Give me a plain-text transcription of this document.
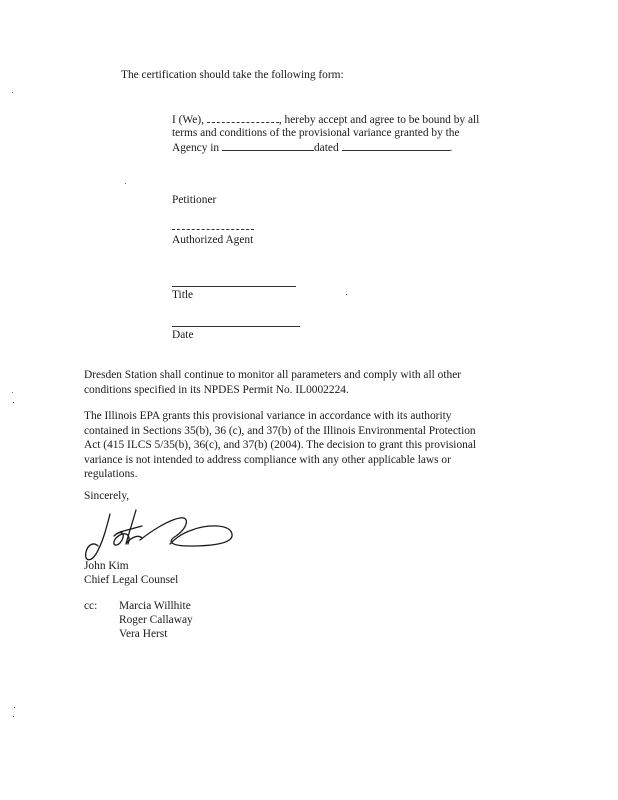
The certification should take the following form:
I (We),	, hereby accept and agree to be bound by all
terms and conditions of the provisional variance granted by the
Agency in	dated	.
Petitioner
Authorized Agent
Title
Date
Dresden Station shall continue to monitor all parameters and comply with all other
conditions specified in its NPDES Permit No. IL0002224.
The Illinois EPA grants this provisional variance in accordance with its authority
contained in Sections 35(b), 36 (c), and 37(b) of the Illinois Environmental Protection
Act (415 ILCS 5/35(b), 36(c), and 37(b) (2004). The decision to grant this provisional
variance is not intended to address compliance with any other applicable laws or
regulations.
Sincerely,
John Kim
Chief Legal Counsel
cc: Marcia Willhite
Roger Callaway
Vera Herst
